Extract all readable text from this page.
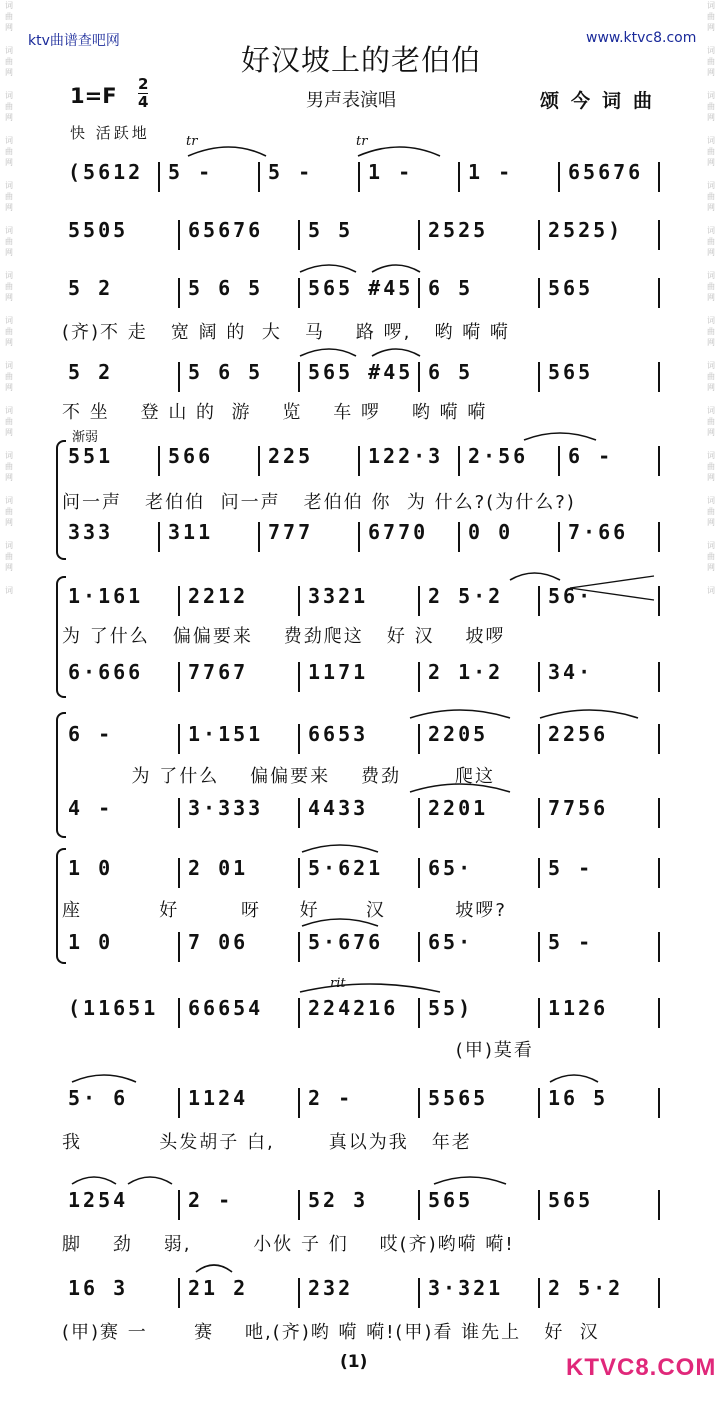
词
曲
网
词
曲
网
词
曲
网
词
曲
网
词
曲
网
词
曲
网
词
曲
网
词
曲
网
词
曲
网
词
曲
网
词
曲
网
词
曲
网
词
曲
网
词
词
曲
网
词
曲
网
词
曲
网
词
曲
网
词
曲
网
词
曲
网
词
曲
网
词
曲
网
词
曲
网
词
曲
网
词
曲
网
词
曲
网
词
曲
网
词
ktv曲谱查吧网	www.ktvc8.com
好汉坡上的老伯伯
$1=F \frac{2}{4}$	男声表演唱	颂今词曲
快 活跃地	tr	tr
渐弱
rit
(5612 5 -	5 -	1 -	1 -	65676
5505	65676 5 5	2525	2525)
5 2	5 6 5 565 #45 6 5	565
5 2	5 6 5 565 #45 6 5	565
551	566	225	122·3 2·56 6 -
333	311	777	6770 0 0	7·66
1·161 2212	3321	2 5·2 56·
6·666 7767	1171	2 1·2 34·
6 -	1·151 6653	2205	2256
4 -	3·333 4433	2201	7756
1 0	2 01	5·621 65·	5 -
1 0	7 06	5·676 65·	5 -
(11651 66654 224216 55)	1126
5· 6	1124	2 -	5565	16 5
1254	2 -	52 3	565	565
16 3	21 2	232	3·321 2 5·2
(齐)不 走   宽 阔 的  大   马    路 啰,   哟 嗬 嗬
不 坐    登 山 的  游    览    车 啰    哟 嗬 嗬
问一声   老伯伯  问一声   老伯伯 你  为 什么?(为什么?)
为 了什么   偏偏要来    费劲爬这   好 汉    坡啰
为 了什么    偏偏要来    费劲       爬这
座          好        呀     好      汉         坡啰?
(甲)莫看
我          头发胡子 白,       真以为我   年老
脚    劲    弱,        小伙 子 们    哎(齐)哟嗬 嗬!
(甲)赛 一      赛    吔,(齐)哟 嗬 嗬!(甲)看 谁先上   好  汉
(1)	KTVC8.COM
